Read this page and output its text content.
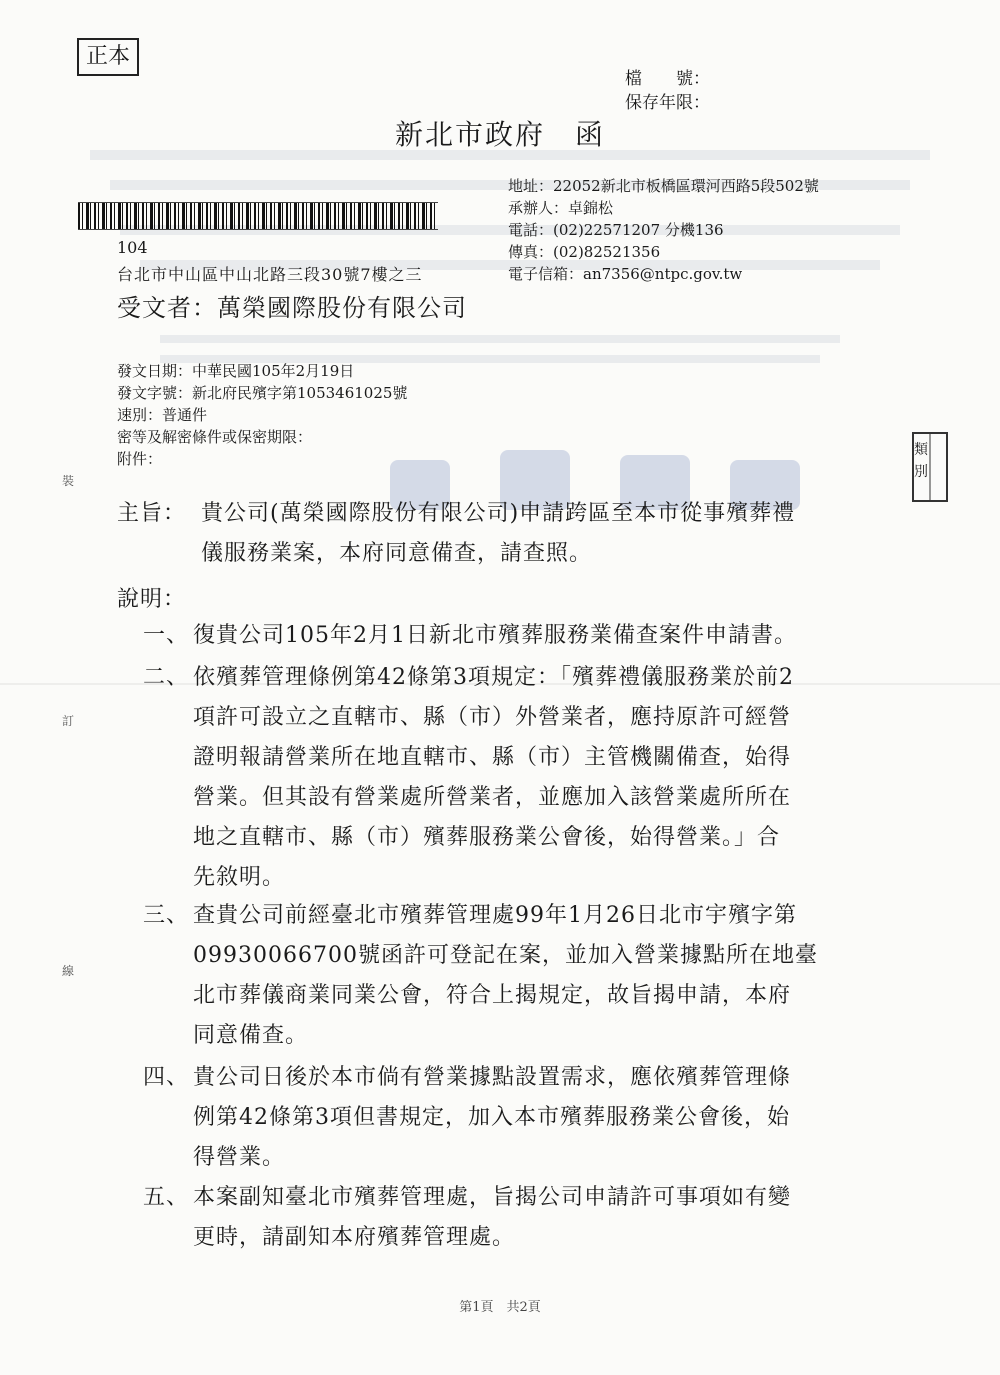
正本
檔　　號：
保存年限：
新北市政府　函
地址：22052新北市板橋區環河西路5段502號
承辦人：卓錦松
電話：(02)22571207 分機136
傳真：(02)82521356
電子信箱：an7356@ntpc.gov.tw
104
台北市中山區中山北路三段30號7樓之三
受文者：萬榮國際股份有限公司
發文日期：中華民國105年2月19日
發文字號：新北府民殯字第1053461025號
速別：普通件
密等及解密條件或保密期限：
附件：	類
別
主旨： 貴公司(萬榮國際股份有限公司)申請跨區至本市從事殯葬禮
儀服務業案，本府同意備查，請查照。
說明：
一、 復貴公司105年2月1日新北市殯葬服務業備查案件申請書。
二、 依殯葬管理條例第42條第3項規定：「殯葬禮儀服務業於前2
項許可設立之直轄市、縣（市）外營業者，應持原許可經營
證明報請營業所在地直轄市、縣（市）主管機關備查，始得
營業。但其設有營業處所營業者，並應加入該營業處所所在
地之直轄市、縣（市）殯葬服務業公會後，始得營業。」合
先敘明。
三、 查貴公司前經臺北市殯葬管理處99年1月26日北市宇殯字第
09930066700號函許可登記在案，並加入營業據點所在地臺
北市葬儀商業同業公會，符合上揭規定，故旨揭申請，本府
同意備查。
四、 貴公司日後於本市倘有營業據點設置需求，應依殯葬管理條
例第42條第3項但書規定，加入本市殯葬服務業公會後，始
得營業。
五、 本案副知臺北市殯葬管理處，旨揭公司申請許可事項如有變
更時，請副知本府殯葬管理處。
裝
訂
線
第1頁　共2頁
